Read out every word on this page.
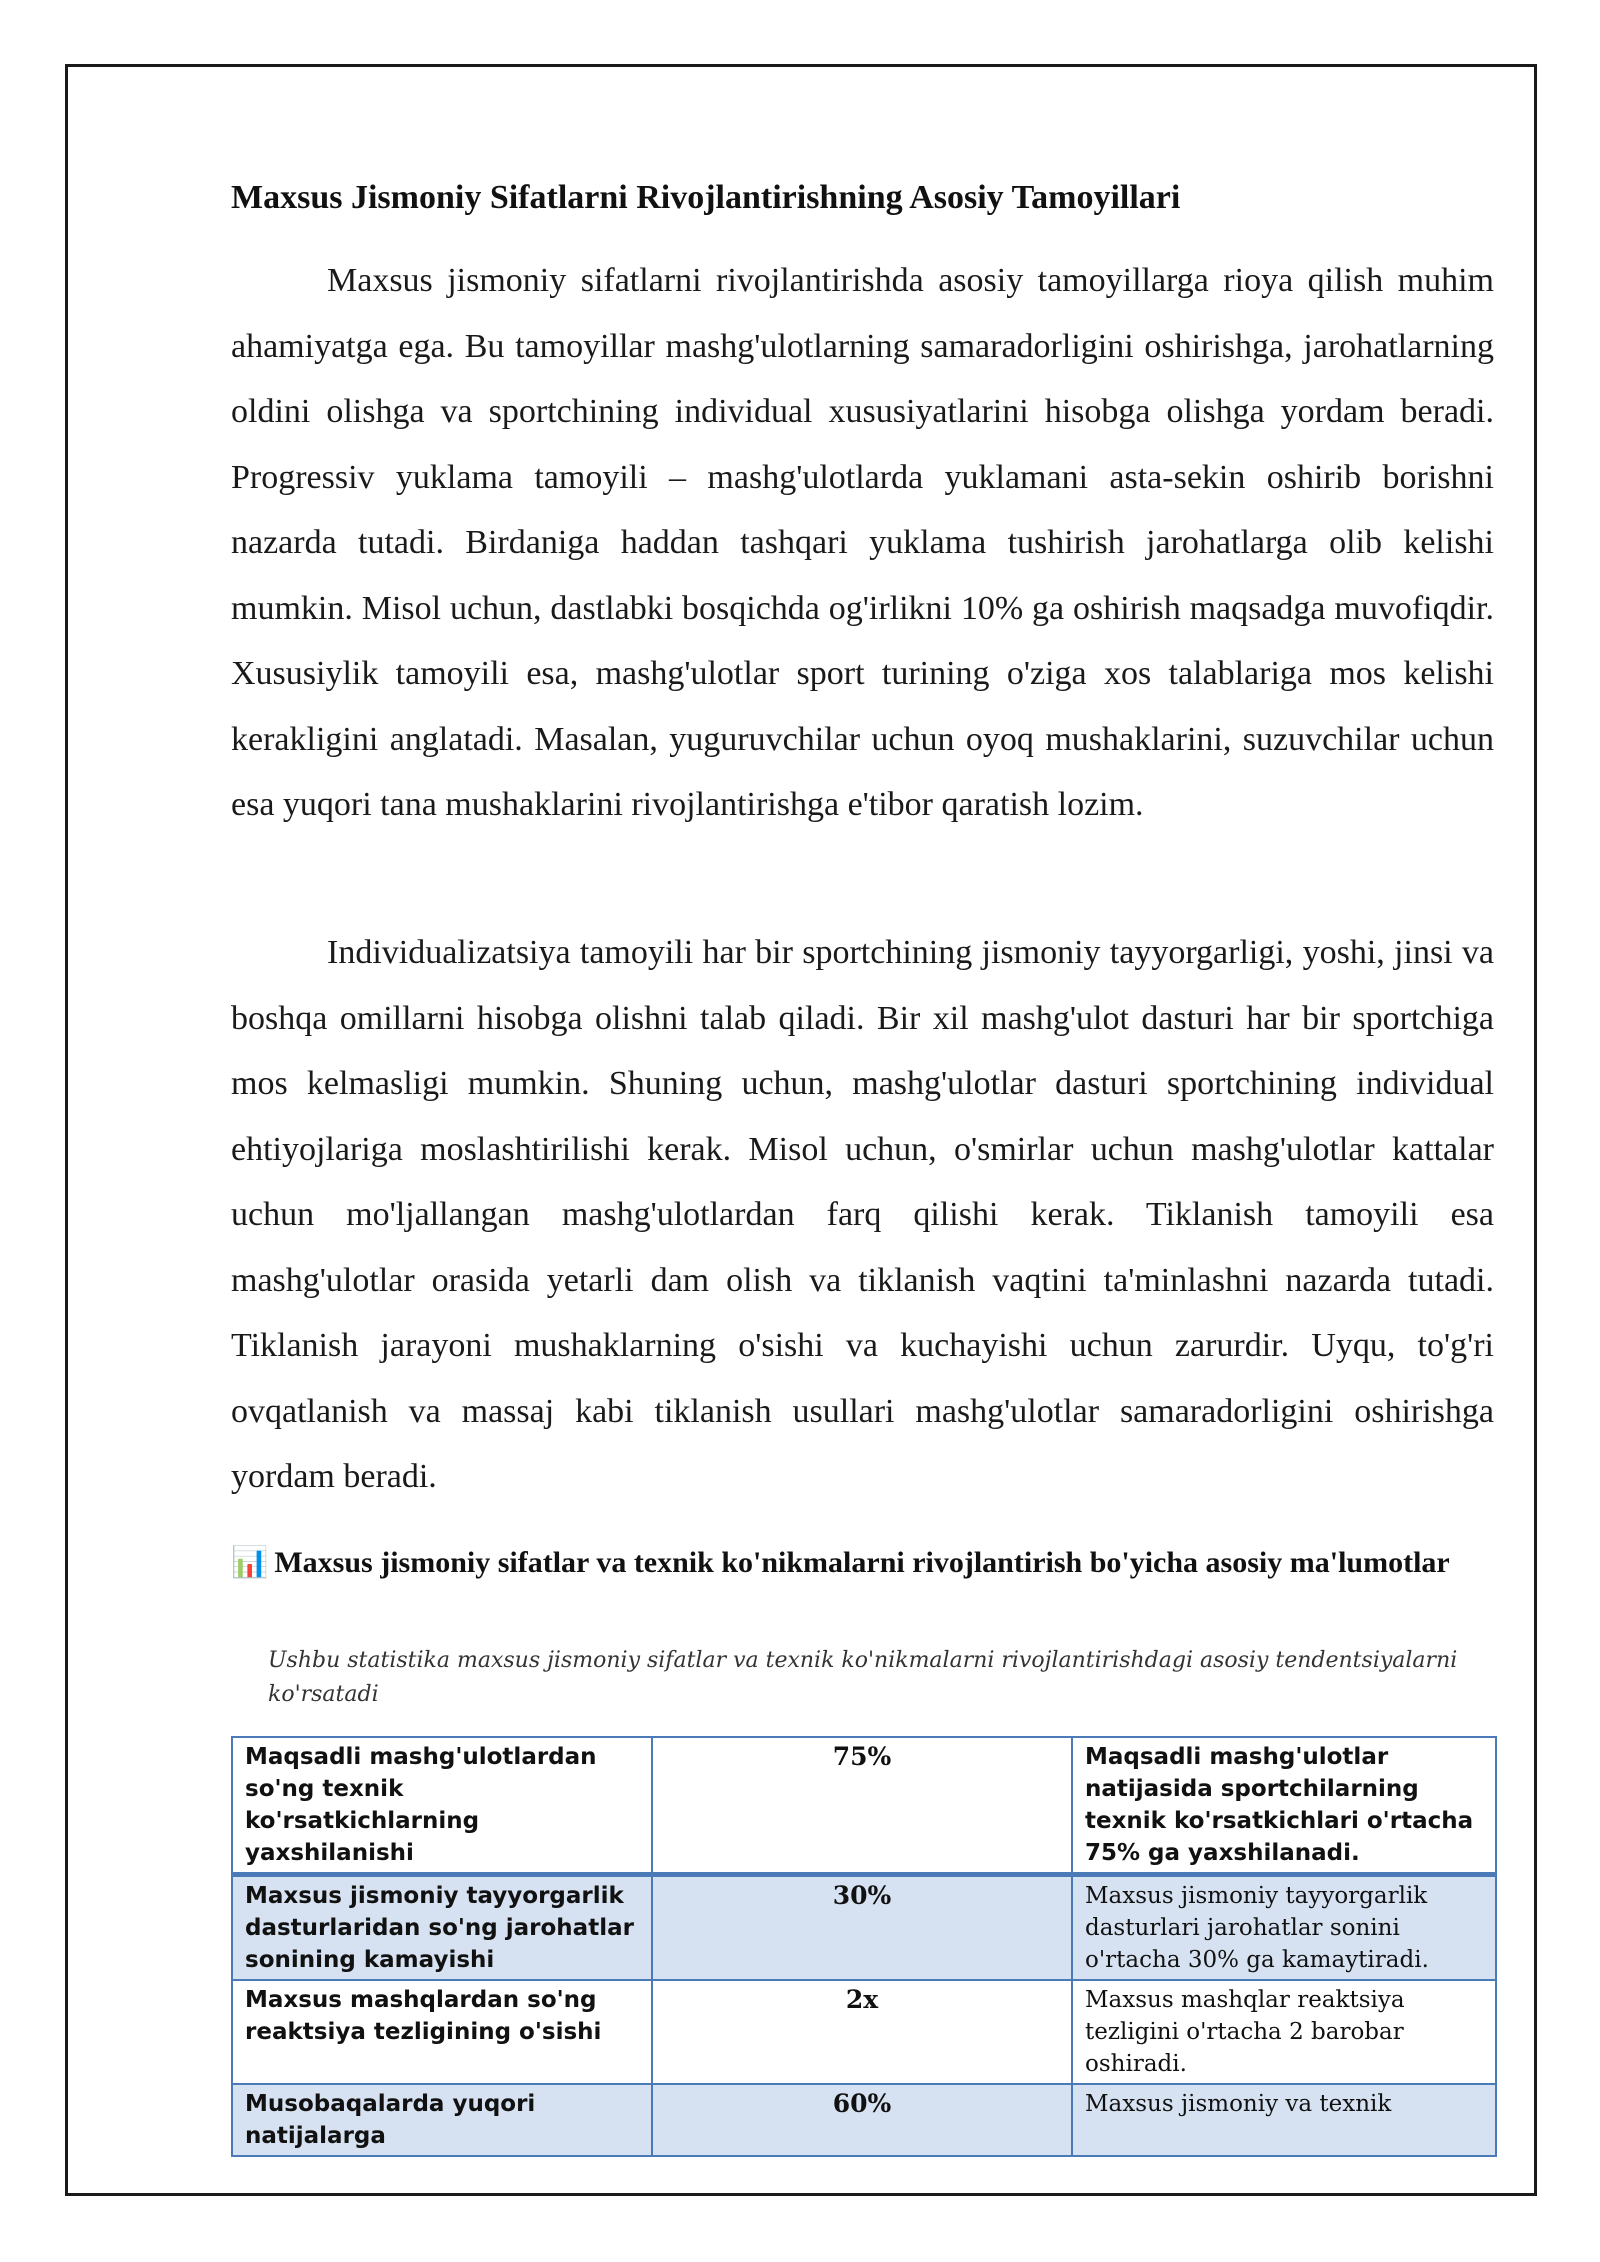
Maxsus Jismoniy Sifatlarni Rivojlantirishning Asosiy Tamoyillari

Maxsus jismoniy sifatlarni rivojlantirishda asosiy tamoyillarga rioya qilish muhim ahamiyatga ega. Bu tamoyillar mashg'ulotlarning samaradorligini oshirishga, jarohatlarning oldini olishga va sportchining individual xususiyatlarini hisobga olishga yordam beradi. Progressiv yuklama tamoyili – mashg'ulotlarda yuklamani asta-sekin oshirib borishni nazarda tutadi. Birdaniga haddan tashqari yuklama tushirish jarohatlarga olib kelishi mumkin. Misol uchun, dastlabki bosqichda og'irlikni 10% ga oshirish maqsadga muvofiqdir. Xususiylik tamoyili esa, mashg'ulotlar sport turining o'ziga xos talablariga mos kelishi kerakligini anglatadi. Masalan, yuguruvchilar uchun oyoq mushaklarini, suzuvchilar uchun esa yuqori tana mushaklarini rivojlantirishga e'tibor qaratish lozim.

Individualizatsiya tamoyili har bir sportchining jismoniy tayyorgarligi, yoshi, jinsi va boshqa omillarni hisobga olishni talab qiladi. Bir xil mashg'ulot dasturi har bir sportchiga mos kelmasligi mumkin. Shuning uchun, mashg'ulotlar dasturi sportchining individual ehtiyojlariga moslashtirilishi kerak. Misol uchun, o'smirlar uchun mashg'ulotlar kattalar uchun mo'ljallangan mashg'ulotlardan farq qilishi kerak. Tiklanish tamoyili esa mashg'ulotlar orasida yetarli dam olish va tiklanish vaqtini ta'minlashni nazarda tutadi. Tiklanish jarayoni mushaklarning o'sishi va kuchayishi uchun zarurdir. Uyqu, to'g'ri ovqatlanish va massaj kabi tiklanish usullari mashg'ulotlar samaradorligini oshirishga yordam beradi.

📊 Maxsus jismoniy sifatlar va texnik ko'nikmalarni rivojlantirish bo'yicha asosiy ma'lumotlar

Ushbu statistika maxsus jismoniy sifatlar va texnik ko'nikmalarni rivojlantirishdagi asosiy tendentsiyalarni ko'rsatadi

Maqsadli mashg'ulotlardan so'ng texnik ko'rsatkichlarning yaxshilanishi	75%	Maqsadli mashg'ulotlar natijasida sportchilarning texnik ko'rsatkichlari o'rtacha 75% ga yaxshilanadi.
Maxsus jismoniy tayyorgarlik dasturlaridan so'ng jarohatlar sonining kamayishi	30%	Maxsus jismoniy tayyorgarlik dasturlari jarohatlar sonini o'rtacha 30% ga kamaytiradi.
Maxsus mashqlardan so'ng reaktsiya tezligining o'sishi	2x	Maxsus mashqlar reaktsiya tezligini o'rtacha 2 barobar oshiradi.
Musobaqalarda yuqori natijalarga	60%	Maxsus jismoniy va texnik
